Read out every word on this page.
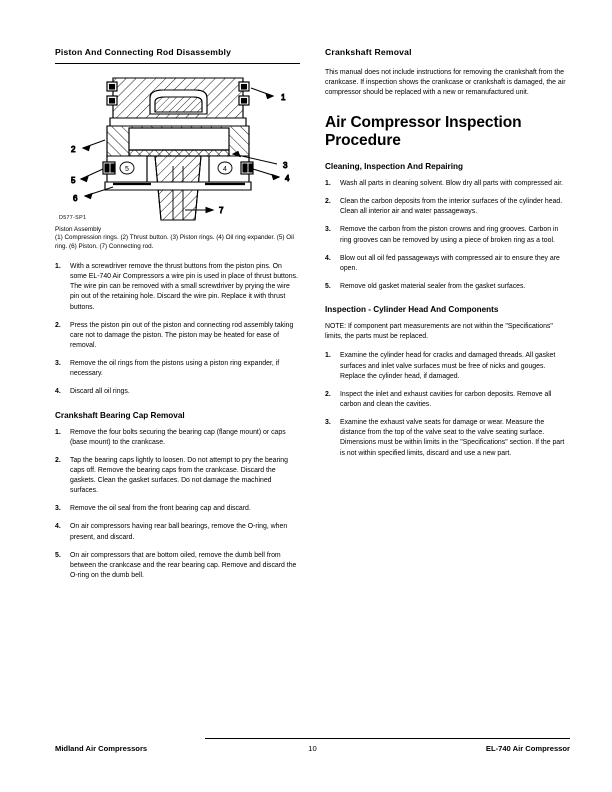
Piston And Connecting Rod Disassembly
5	4
1
2
3
4
5
6
7
D577-SP1
Piston Assembly
(1) Compression rings. (2) Thrust button. (3) Piston rings. (4) Oil ring expander. (5) Oil ring. (6) Piston. (7) Connecting rod.
1. With a screwdriver remove the thrust buttons from the piston pins. On some EL-740 Air Compressors a wire pin is used in place of thrust buttons. The wire pin can be removed with a small screwdriver by prying the wire pin out of the retaining hole. Discard the wire pin. Replace it with thrust buttons.
2. Press the piston pin out of the piston and connecting rod assembly taking care not to damage the piston. The piston may be heated for ease of removal.
3. Remove the oil rings from the pistons using a piston ring expander, if necessary.
4. Discard all oil rings.
Crankshaft Bearing Cap Removal
1. Remove the four bolts securing the bearing cap (flange mount) or caps (base mount) to the crankcase.
2. Tap the bearing caps lightly to loosen. Do not attempt to pry the bearing caps off. Remove the bearing caps from the crankcase. Discard the gaskets. Clean the gasket surfaces. Do not damage the machined surfaces.
3. Remove the oil seal from the front bearing cap and discard.
4. On air compressors having rear ball bearings, remove the O-ring, when present, and discard.
5. On air compressors that are bottom oiled, remove the dumb bell from between the crankcase and the rear bearing cap. Remove and discard the O-ring on the dumb bell.
Crankshaft Removal
This manual does not include instructions for removing the crankshaft from the crankcase. If inspection shows the crankcase or crankshaft is damaged, the air compressor should be replaced with a new or remanufactured unit.
Air Compressor Inspection Procedure
Cleaning, Inspection And Repairing
1. Wash all parts in cleaning solvent. Blow dry all parts with compressed air.
2. Clean the carbon deposits from the interior surfaces of the cylinder head. Clean all interior air and water passageways.
3. Remove the carbon from the piston crowns and ring grooves. Carbon in ring grooves can be removed by using a piece of broken ring as a tool.
4. Blow out all oil fed passageways with compressed air to ensure they are open.
5. Remove old gasket material sealer from the gasket surfaces.
Inspection - Cylinder Head And Components
NOTE: If component part measurements are not within the "Specifications" limits, the parts must be replaced.
1. Examine the cylinder head for cracks and damaged threads. All gasket surfaces and inlet valve surfaces must be free of nicks and gouges. Replace the cylinder head, if damaged.
2. Inspect the inlet and exhaust cavities for carbon deposits. Remove all carbon and clean the cavities.
3. Examine the exhaust valve seats for damage or wear. Measure the distance from the top of the valve seat to the valve seating surface. Dimensions must be within limits in the "Specifications" section. If the part is not within specified limits, discard and use a new part.
Midland Air Compressors	10	EL-740 Air Compressor
